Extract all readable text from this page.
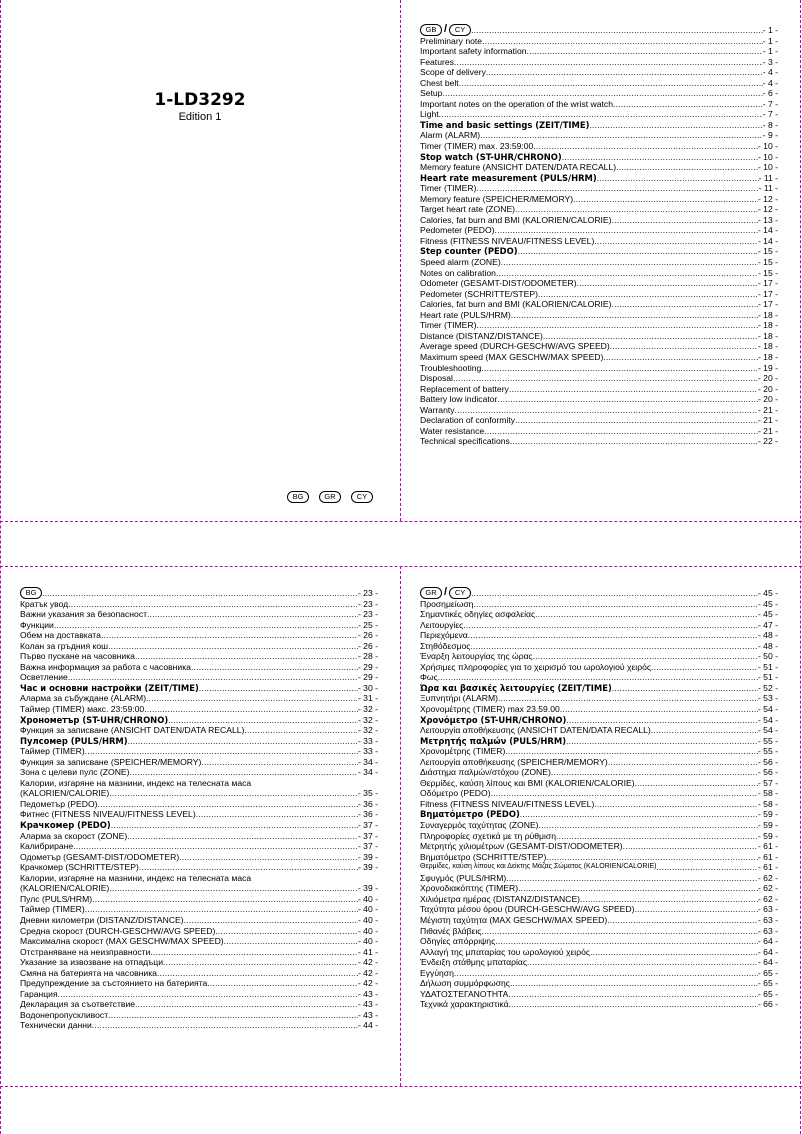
1-LD3292
Edition 1
BG	GR	CY
GB /	CY .....	- 1 -
Preliminary note .....	- 1 -
Important safety information .....	- 1 -
Features .....	- 3 -
Scope of delivery .....	- 4 -
Chest belt .....	- 4 -
Setup .....	- 6 -
Important notes on the operation of the wrist watch .....	- 7 -
Light .....	- 7 -
Time and basic settings (ZEIT/TIME) .....	- 8 -
Alarm (ALARM) .....	- 9 -
Timer (TIMER) max. 23:59:00 .....	- 10 -
Stop watch (ST-UHR/CHRONO) .....	- 10 -
Memory feature (ANSICHT DATEN/DATA RECALL) .....	- 10 -
Heart rate measurement (PULS/HRM) .....	- 11 -
Timer (TIMER) .....	- 11 -
Memory feature (SPEICHER/MEMORY) .....	- 12 -
Target heart rate (ZONE) .....	- 12 -
Calories, fat burn and BMI (KALORIEN/CALORIE) .....	- 13 -
Pedometer (PEDO) .....	- 14 -
Fitness (FITNESS NIVEAU/FITNESS LEVEL) .....	- 14 -
Step counter (PEDO) .....	- 15 -
Speed alarm (ZONE) .....	- 15 -
Notes on calibration .....	- 15 -
Odometer (GESAMT-DIST/ODOMETER) .....	- 17 -
Pedometer (SCHRITTE/STEP) .....	- 17 -
Calories, fat burn and BMI (KALORIEN/CALORIE) .....	- 17 -
Heart rate (PULS/HRM) .....	- 18 -
Timer (TIMER) .....	- 18 -
Distance (DISTANZ/DISTANCE) .....	- 18 -
Average speed (DURCH-GESCHW/AVG SPEED) .....	- 18 -
Maximum speed (MAX GESCHW/MAX SPEED) .....	- 18 -
Troubleshooting .....	- 19 -
Disposal .....	- 20 -
Replacement of battery .....	- 20 -
Battery low indicator .....	- 20 -
Warranty .....	- 21 -
Declaration of conformity .....	- 21 -
Water resistance .....	- 21 -
Technical specifications .....	- 22 -
BG .....	- 23 -
Кратък увод .....	- 23 -
Важни указания за безопасност .....	- 23 -
Функции .....	- 25 -
Обем на доставката .....	- 26 -
Колан за гръдния кош .....	- 26 -
Първо пускане на часовника .....	- 28 -
Важна информация за работа с часовника .....	- 29 -
Осветление .....	- 29 -
Час и основни настройки (ZEIT/TIME) .....	- 30 -
Аларма за събуждане (ALARM) .....	- 31 -
Таймер (TIMER) макс. 23:59:00 .....	- 32 -
Хронометър (ST-UHR/CHRONO) .....	- 32 -
Функция за записване (ANSICHT DATEN/DATA RECALL) .....	- 32 -
Пулсомер (PULS/HRM) .....	- 33 -
Таймер (TIMER) .....	- 33 -
Функция за записване (SPEICHER/MEMORY) .....	- 34 -
Зона с целеви пулс (ZONE) .....	- 34 -
Калории, изгаряне на мазнини, индекс на телесната маса
(KALORIEN/CALORIE) .....	- 35 -
Педометър (PEDO) .....	- 36 -
Фитнес (FITNESS NIVEAU/FITNESS LEVEL) .....	- 36 -
Крачкомер (PEDO) .....	- 37 -
Аларма за скорост (ZONE) .....	- 37 -
Калибриране .....	- 37 -
Одометър (GESAMT-DIST/ODOMETER) .....	- 39 -
Крачкомер (SCHRITTE/STEP) .....	- 39 -
Калории, изгаряне на мазнини, индекс на телесната маса
(KALORIEN/CALORIE) .....	- 39 -
Пулс (PULS/HRM) .....	- 40 -
Таймер (TIMER) .....	- 40 -
Дневни километри (DISTANZ/DISTANCE) .....	- 40 -
Средна скорост (DURCH-GESCHW/AVG SPEED) .....	- 40 -
Максимална скорост (MAX GESCHW/MAX SPEED) .....	- 40 -
Отстраняване на неизправности .....	- 41 -
Указание за извозване на отпадъци .....	- 42 -
Смяна на батерията на часовника .....	- 42 -
Предупреждение за състоянието на батерията .....	- 42 -
Гаранция .....	- 43 -
Декларация за съответствие .....	- 43 -
Водонепропускливост .....	- 43 -
Технически данни .....	- 44 -
GR /	CY .....	- 45 -
Προσημείωση .....	- 45 -
Σημαντικές οδηγίες ασφαλείας .....	- 45 -
Λειτουργίες .....	- 47 -
Περιεχόμενα .....	- 48 -
Στηθόδεσμος .....	- 48 -
Έναρξη λειτουργίας της ώρας .....	- 50 -
Χρήσιμες πληροφορίες για το χειρισμό του ωρολογιού χειρός .....	- 51 -
Φως .....	- 51 -
Ώρα και βασικές λειτουργίες (ZEIT/TIME) .....	- 52 -
Ξυπνητήρι (ALARM) .....	- 53 -
Χρονομέτρης (TIMER) max 23.59.00 .....	- 54 -
Χρονόμετρο (ST-UHR/CHRONO) .....	- 54 -
Λειτουργία αποθήκευσης (ANSICHT DATEN/DATA RECALL) .....	- 54 -
Μετρητής παλμών (PULS/HRM) .....	- 55 -
Χρονομέτρης (TIMER) .....	- 55 -
Λειτουργία αποθήκευσης (SPEICHER/MEMORY) .....	- 56 -
Διάστημα παλμών/στόχου (ZONE) .....	- 56 -
Θερμίδες, καύση λίπους και BMI (KALORIEN/CALORIE) .....	- 57 -
Οδόμετρο (PEDO) .....	- 58 -
Fitness (FITNESS NIVEAU/FITNESS LEVEL) .....	- 58 -
Βηματόμετρο (PEDO) .....	- 59 -
Συναγερμός ταχύτητας (ZONE) .....	- 59 -
Πληροφορίες σχετικά με τη ρύθμιση .....	- 59 -
Μετρητής χιλιομέτρων (GESAMT-DIST/ODOMETER) .....	- 61 -
Βηματόμετρο (SCHRITTE/STEP) .....	- 61 -
Θερμίδες, καύση λίπους και Δείκτης Μάζας Σώματος (KALORIEN/CALORIE) .....	- 61 -
Σφυγμός (PULS/HRM) .....	- 62 -
Χρονοδιακόπτης (TIMER) .....	- 62 -
Χιλιόμετρα ημέρας (DISTANZ/DISTANCE) .....	- 62 -
Ταχύτητα μέσου όρου (DURCH-GESCHW/AVG SPEED) .....	- 63 -
Μέγιστη ταχύτητα (MAX GESCHW/MAX SPEED) .....	- 63 -
Πιθανές βλάβεις .....	- 63 -
Οδηγίες απόρριψης .....	- 64 -
Αλλαγή της μπαταρίας του ωρολογιού χειρός .....	- 64 -
Ένδειξη στάθμης μπαταρίας .....	- 64 -
Εγγύηση .....	- 65 -
Δήλωση συμμόρφωσης .....	- 65 -
ΥΔΑΤΟΣΤΕΓΑΝΟΤΗΤΑ .....	- 65 -
Τεχνικά χαρακτηριστικά .....	- 66 -
